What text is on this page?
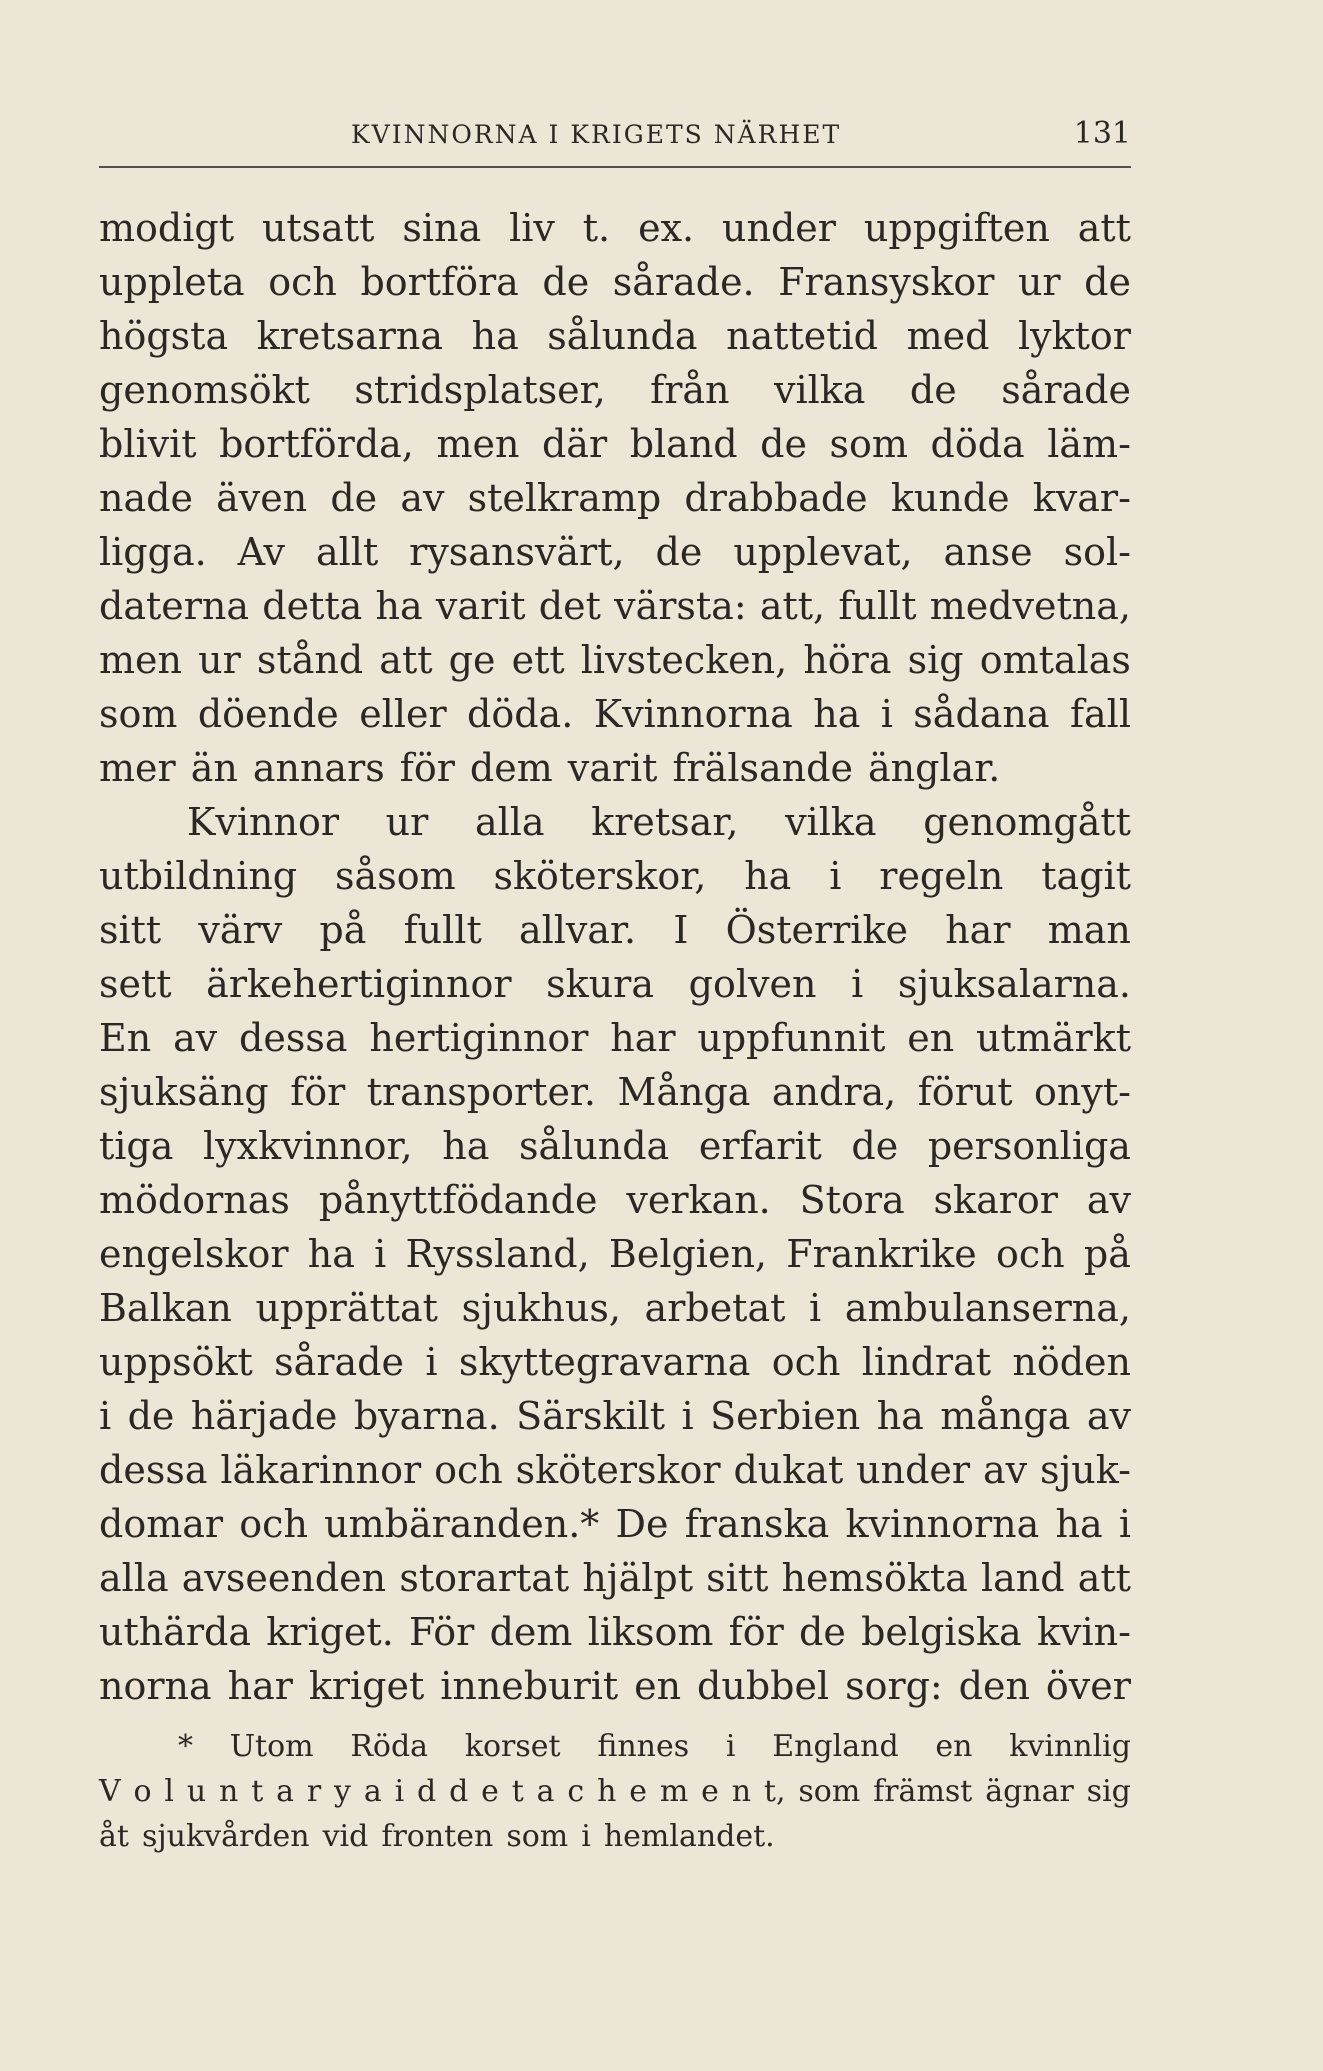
KVINNORNA I KRIGETS NÄRHET	131
modigt utsatt sina liv t. ex. under uppgiften att
uppleta och bortföra de sårade. Fransyskor ur de
högsta kretsarna ha sålunda nattetid med lyktor
genomsökt stridsplatser, från vilka de sårade
blivit bortförda, men där bland de som döda läm-
nade även de av stelkramp drabbade kunde kvar-
ligga. Av allt rysansvärt, de upplevat, anse sol-
daterna detta ha varit det värsta: att, fullt medvetna,
men ur stånd att ge ett livstecken, höra sig omtalas
som döende eller döda. Kvinnorna ha i sådana fall
mer än annars för dem varit frälsande änglar.
Kvinnor ur alla kretsar, vilka genomgått
utbildning såsom sköterskor, ha i regeln tagit
sitt värv på fullt allvar. I Österrike har man
sett ärkehertiginnor skura golven i sjuksalarna.
En av dessa hertiginnor har uppfunnit en utmärkt
sjuksäng för transporter. Många andra, förut onyt-
tiga lyxkvinnor, ha sålunda erfarit de personliga
mödornas pånyttfödande verkan. Stora skaror av
engelskor ha i Ryssland, Belgien, Frankrike och på
Balkan upprättat sjukhus, arbetat i ambulanserna,
uppsökt sårade i skyttegravarna och lindrat nöden
i de härjade byarna. Särskilt i Serbien ha många av
dessa läkarinnor och sköterskor dukat under av sjuk-
domar och umbäranden.* De franska kvinnorna ha i
alla avseenden storartat hjälpt sitt hemsökta land att
uthärda kriget. För dem liksom för de belgiska kvin-
norna har kriget inneburit en dubbel sorg: den över
* Utom Röda korset finnes i England en kvinnlig
V o l u n t a r y a i d d e t a c h e m e n t, som främst ägnar sig
åt sjukvården vid fronten som i hemlandet.
